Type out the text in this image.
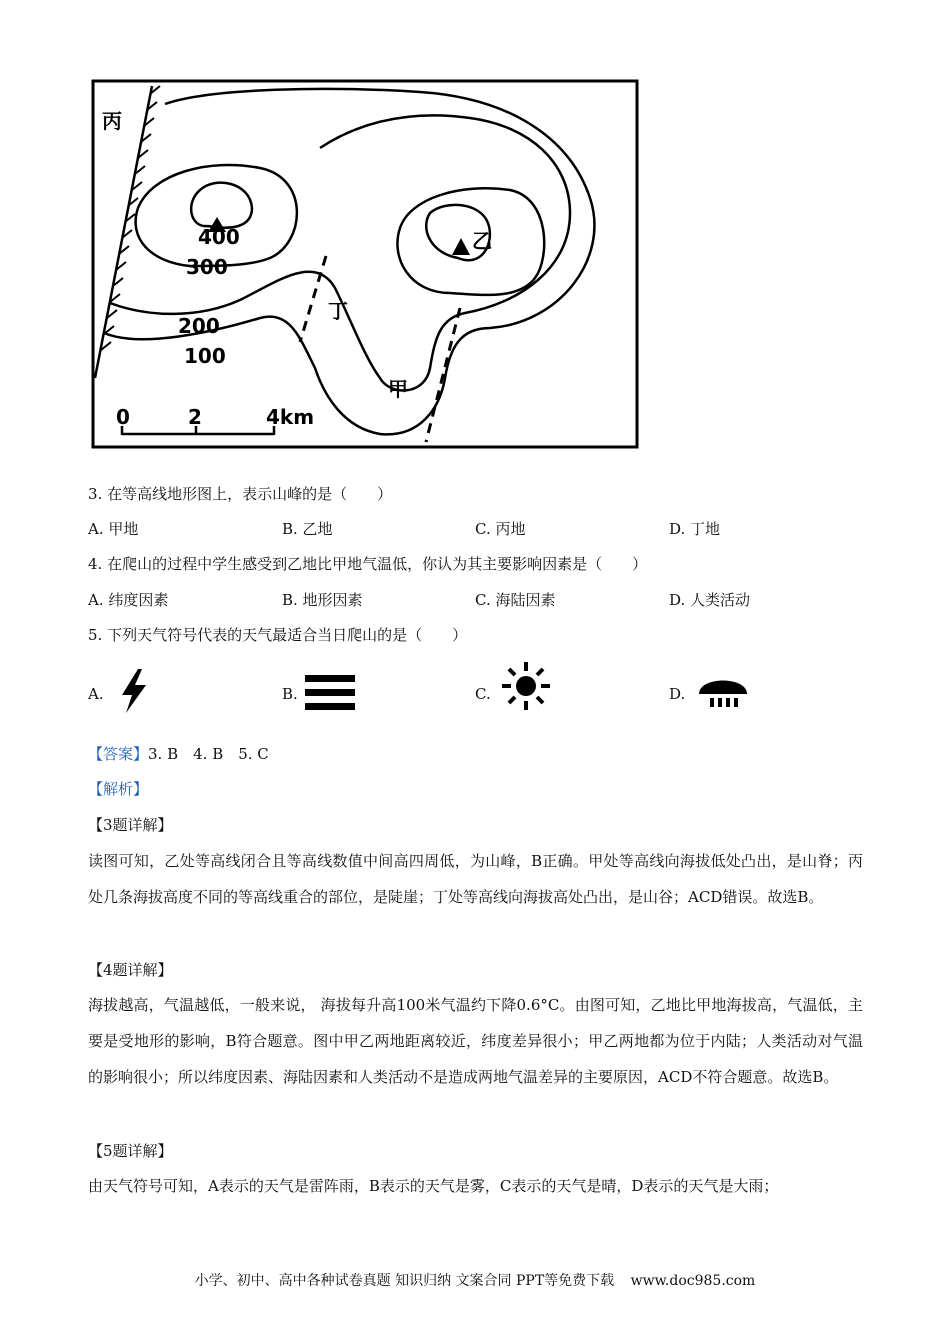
丙
乙
丁
甲
400
300
200
100
0	2	4km
3. 在等高线地形图上，表示山峰的是（　　）
A. 甲地	B. 乙地	C. 丙地	D. 丁地
4. 在爬山的过程中学生感受到乙地比甲地气温低，你认为其主要影响因素是（　　）
A. 纬度因素	B. 地形因素	C. 海陆因素	D. 人类活动
5. 下列天气符号代表的天气最适合当日爬山的是（　　）
A.	B.	C.	D.
【答案】3. B　4. B　5. C
【解析】
【3题详解】
读图可知，乙处等高线闭合且等高线数值中间高四周低，为山峰，B正确。甲处等高线向海拔低处凸出，是山脊；丙处几条海拔高度不同的等高线重合的部位，是陡崖；丁处等高线向海拔高处凸出，是山谷；ACD错误。故选B。
【4题详解】
海拔越高，气温越低，一般来说， 海拔每升高100米气温约下降0.6°C。由图可知，乙地比甲地海拔高，气温低，主要是受地形的影响，B符合题意。图中甲乙两地距离较近，纬度差异很小；甲乙两地都为位于内陆；人类活动对气温的影响很小；所以纬度因素、海陆因素和人类活动不是造成两地气温差异的主要原因，ACD不符合题意。故选B。
【5题详解】
由天气符号可知，A表示的天气是雷阵雨，B表示的天气是雾，C表示的天气是晴，D表示的天气是大雨；
小学、初中、高中各种试卷真题 知识归纳 文案合同 PPT等免费下载 www.doc985.com
